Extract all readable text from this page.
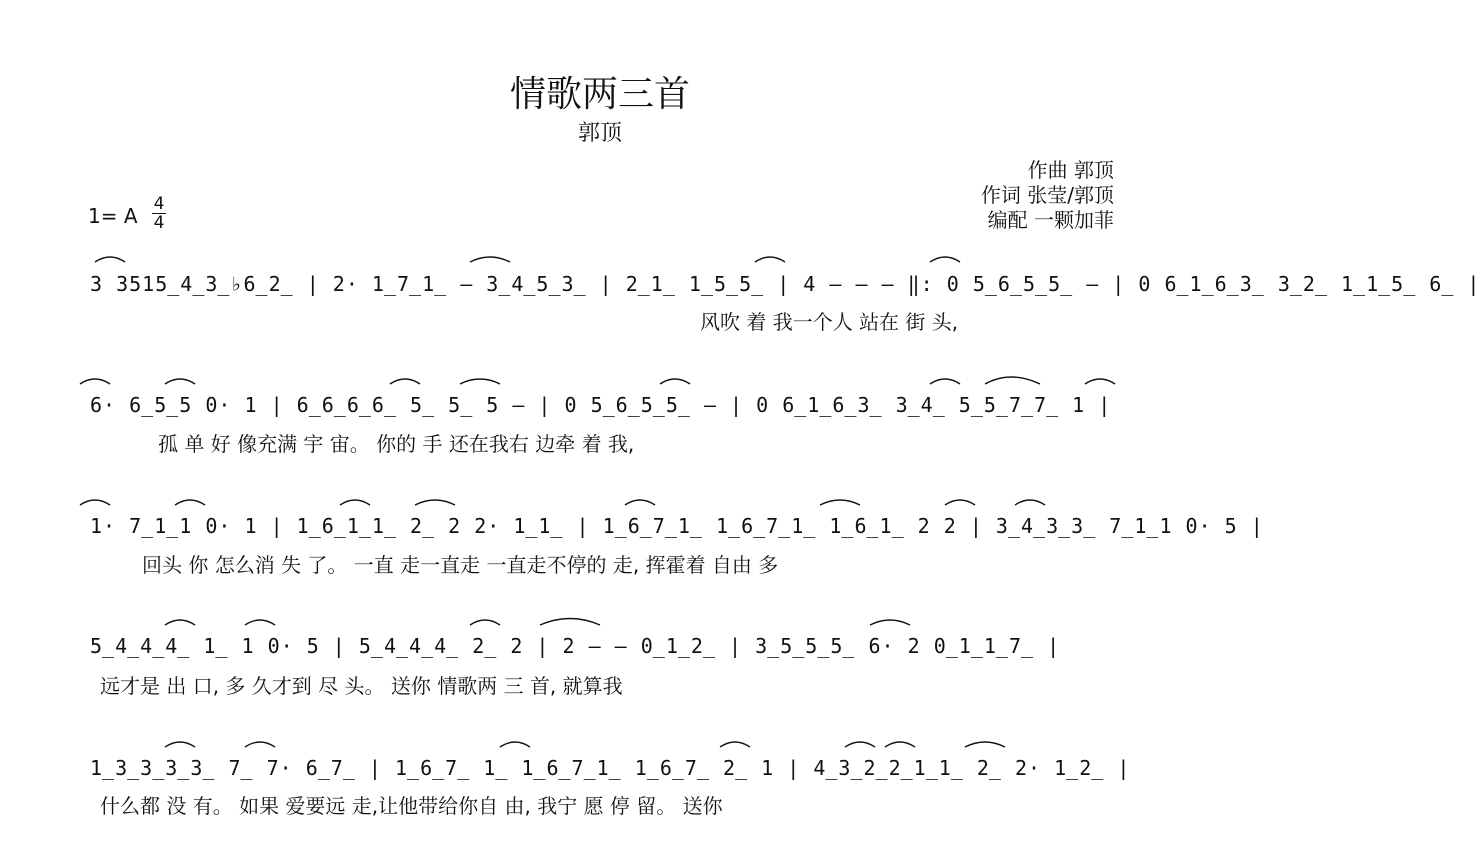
情歌两三首
郭顶
作曲 郭顶
作词 张莹/郭顶
编配 一颗加菲
1= A 4
4
3 3515̲4̲3̲♭6̲2̲ | 2· 1̲7̲1̲ – 3̲4̲5̲3̲ | 2̲1̲ 1̲5̲5̲ | 4 – – – ‖: 0 5̲6̲5̲5̲ – | 0 6̲1̲6̲3̲ 3̲2̲ 1̲1̲5̲ 6̲ |
风吹 着 我一个人 站在 街 头,
6· 6̲5̲5 0· 1 | 6̲6̲6̲6̲ 5̲ 5̲ 5 – | 0 5̲6̲5̲5̲ – | 0 6̲1̲6̲3̲ 3̲4̲ 5̲5̲7̲7̲ 1 |
孤 单 好 像充满 宇 宙。 你的 手 还在我右 边牵 着 我,
1· 7̲1̲1 0· 1 | 1̲6̲1̲1̲ 2̲ 2 2· 1̲1̲ | 1̲6̲7̲1̲ 1̲6̲7̲1̲ 1̲6̲1̲ 2 2 | 3̲4̲3̲3̲ 7̲1̲1 0· 5 |
回头 你 怎么消 失 了。 一直 走一直走 一直走不停的 走, 挥霍着 自由 多
5̲4̲4̲4̲ 1̲ 1 0· 5 | 5̲4̲4̲4̲ 2̲ 2 | 2 – – 0̲1̲2̲ | 3̲5̲5̲5̲ 6· 2 0̲1̲1̲7̲ |
远才是 出 口, 多 久才到 尽 头。 送你 情歌两 三 首, 就算我
1̲3̲3̲3̲3̲ 7̲ 7· 6̲7̲ | 1̲6̲7̲ 1̲ 1̲6̲7̲1̲ 1̲6̲7̲ 2̲ 1 | 4̲3̲2̲2̲1̲1̲ 2̲ 2· 1̲2̲ |
什么都 没 有。 如果 爱要远 走,让他带给你自 由, 我宁 愿 停 留。 送你
